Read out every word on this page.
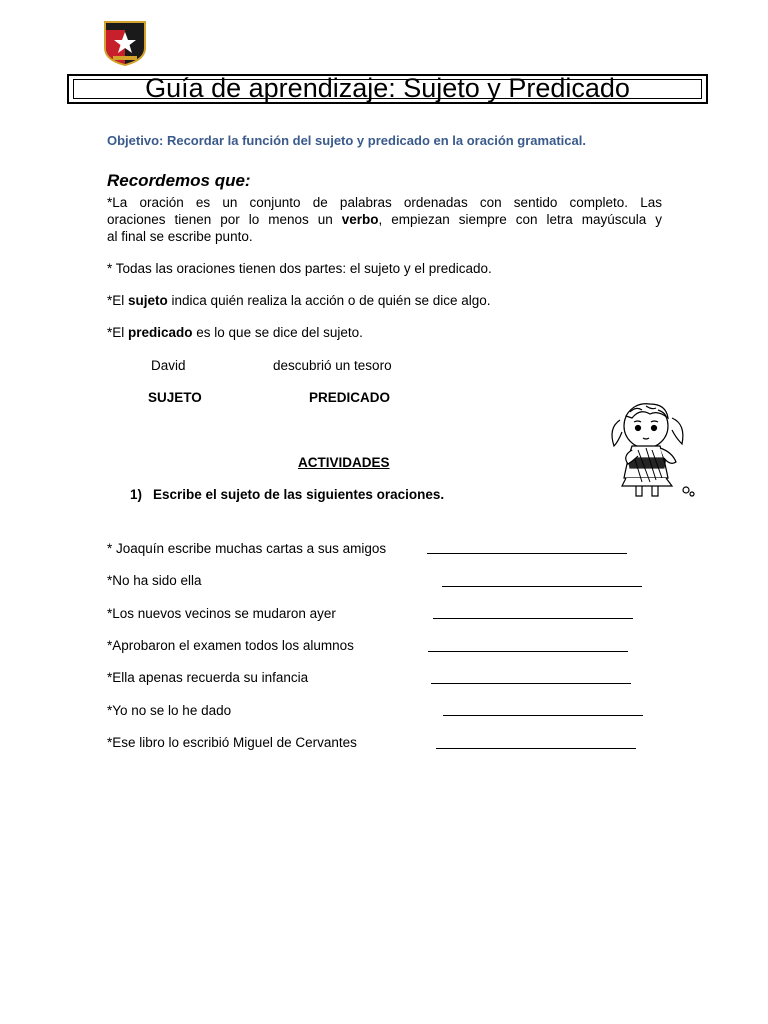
Guía de aprendizaje: Sujeto y Predicado
Objetivo: Recordar la función del sujeto y predicado en la oración gramatical.
Recordemos que:
*La oración es un conjunto de palabras ordenadas con sentido completo. Las
oraciones tienen por lo menos un verbo, empiezan siempre con letra mayúscula y
al final se escribe punto.
* Todas las oraciones tienen dos partes: el sujeto y el predicado.
*El sujeto indica quién realiza la acción o de quién se dice algo.
*El predicado es lo que se dice del sujeto.
David	descubrió un tesoro
SUJETO	PREDICADO
ACTIVIDADES
1) Escribe el sujeto de las siguientes oraciones.
* Joaquín escribe muchas cartas a sus amigos
*No ha sido ella
*Los nuevos vecinos se mudaron ayer
*Aprobaron el examen todos los alumnos
*Ella apenas recuerda su infancia
*Yo no se lo he dado
*Ese libro lo escribió Miguel de Cervantes
